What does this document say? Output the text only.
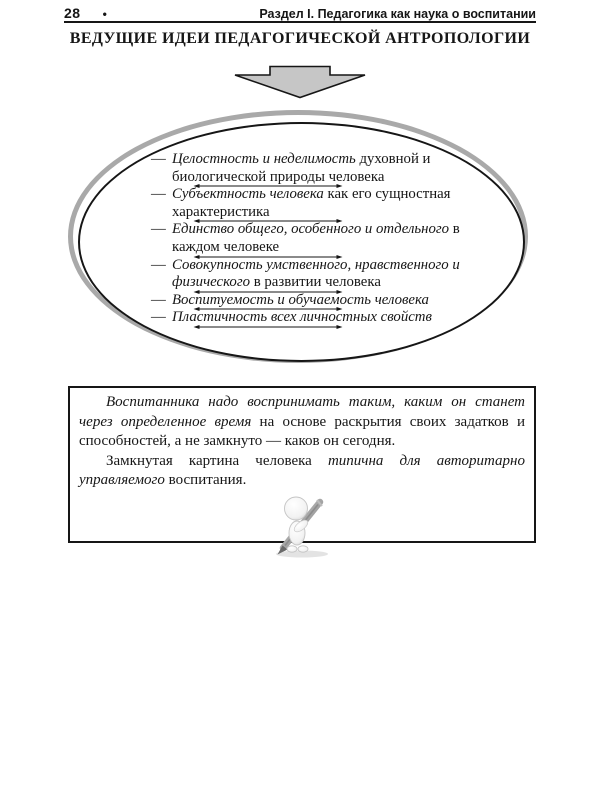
28 •	Раздел I. Педагогика как наука о воспитании
ВЕДУЩИЕ ИДЕИ ПЕДАГОГИЧЕСКОЙ АНТРОПОЛОГИИ
— Целостность и неделимость духовной и биологической природы человека
— Субъектность человека как его сущностная характеристика
— Единство общего, особенного и отдельного в каждом человеке
— Совокупность умственного, нравственного и физического в развитии человека
— Воспитуемость и обучаемость человека
— Пластичность всех личностных свойств

Воспитанника надо воспринимать таким, каким он станет через определенное время на основе раскрытия своих задатков и способностей, а не замкнуто — каков он сегодня.

Замкнутая картина человека типична для авторитарно управляемого воспитания.
